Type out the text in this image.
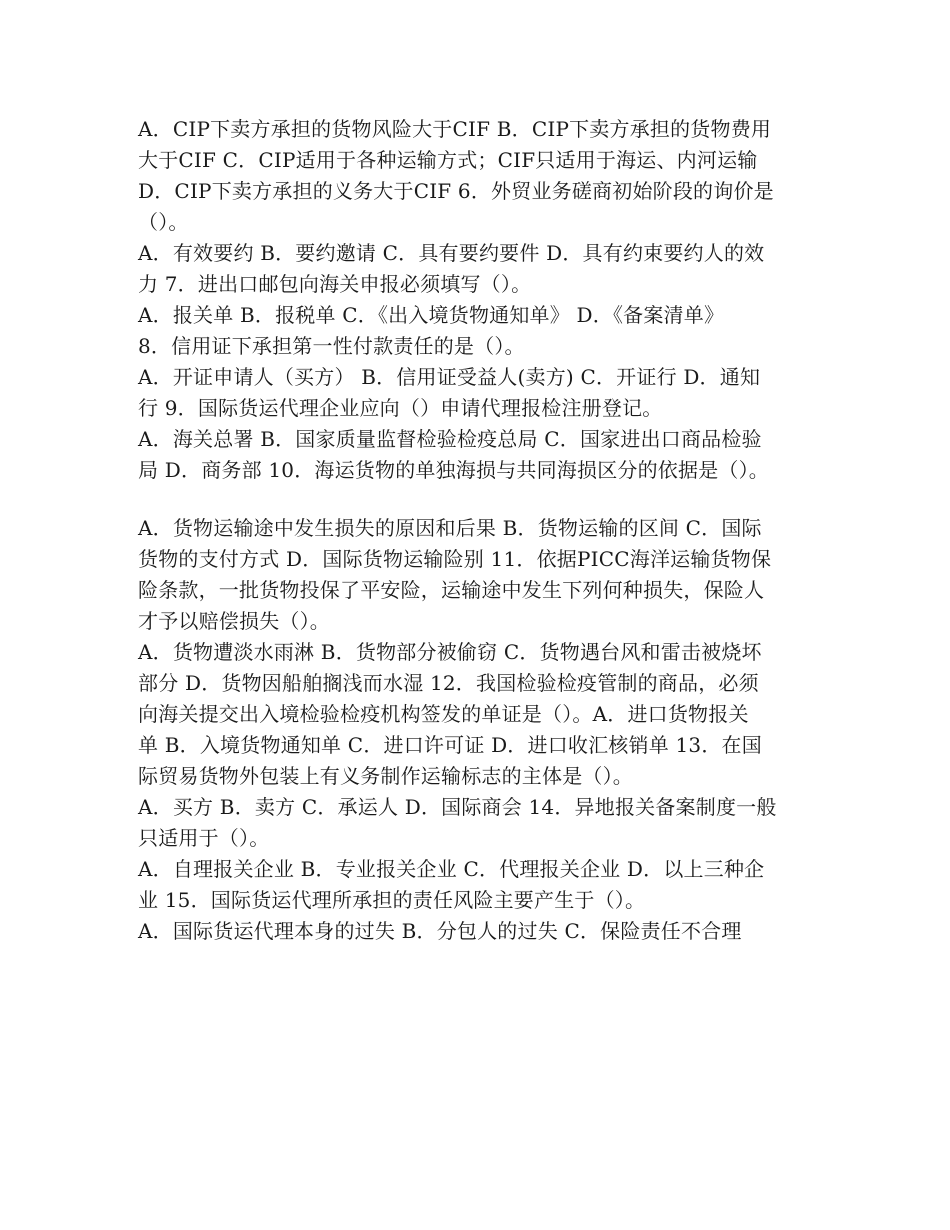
A．CIP下卖方承担的货物风险大于CIF B．CIP下卖方承担的货物费用
大于CIF C．CIP适用于各种运输方式；CIF只适用于海运、内河运输
D．CIP下卖方承担的义务大于CIF 6．外贸业务磋商初始阶段的询价是
（）。
A．有效要约 B．要约邀请 C．具有要约要件 D．具有约束要约人的效
力 7．进出口邮包向海关申报必须填写（）。
A．报关单 B．报税单 C．《出入境货物通知单》 D．《备案清单》
8．信用证下承担第一性付款责任的是（）。
A．开证申请人（买方） B．信用证受益人(卖方) C．开证行 D．通知
行 9．国际货运代理企业应向（）申请代理报检注册登记。
A．海关总署 B．国家质量监督检验检疫总局 C．国家进出口商品检验
局 D．商务部 10．海运货物的单独海损与共同海损区分的依据是（）。
A．货物运输途中发生损失的原因和后果 B．货物运输的区间 C．国际
货物的支付方式 D．国际货物运输险别 11．依据PICC海洋运输货物保
险条款，一批货物投保了平安险，运输途中发生下列何种损失，保险人
才予以赔偿损失（）。
A．货物遭淡水雨淋 B．货物部分被偷窃 C．货物遇台风和雷击被烧坏
部分 D．货物因船舶搁浅而水湿 12．我国检验检疫管制的商品，必须
向海关提交出入境检验检疫机构签发的单证是（）。A．进口货物报关
单 B．入境货物通知单 C．进口许可证 D．进口收汇核销单 13．在国
际贸易货物外包装上有义务制作运输标志的主体是（）。
A．买方 B．卖方 C．承运人 D．国际商会 14．异地报关备案制度一般
只适用于（）。
A．自理报关企业 B．专业报关企业 C．代理报关企业 D．以上三种企
业 15．国际货运代理所承担的责任风险主要产生于（）。
A．国际货运代理本身的过失 B．分包人的过失 C．保险责任不合理
